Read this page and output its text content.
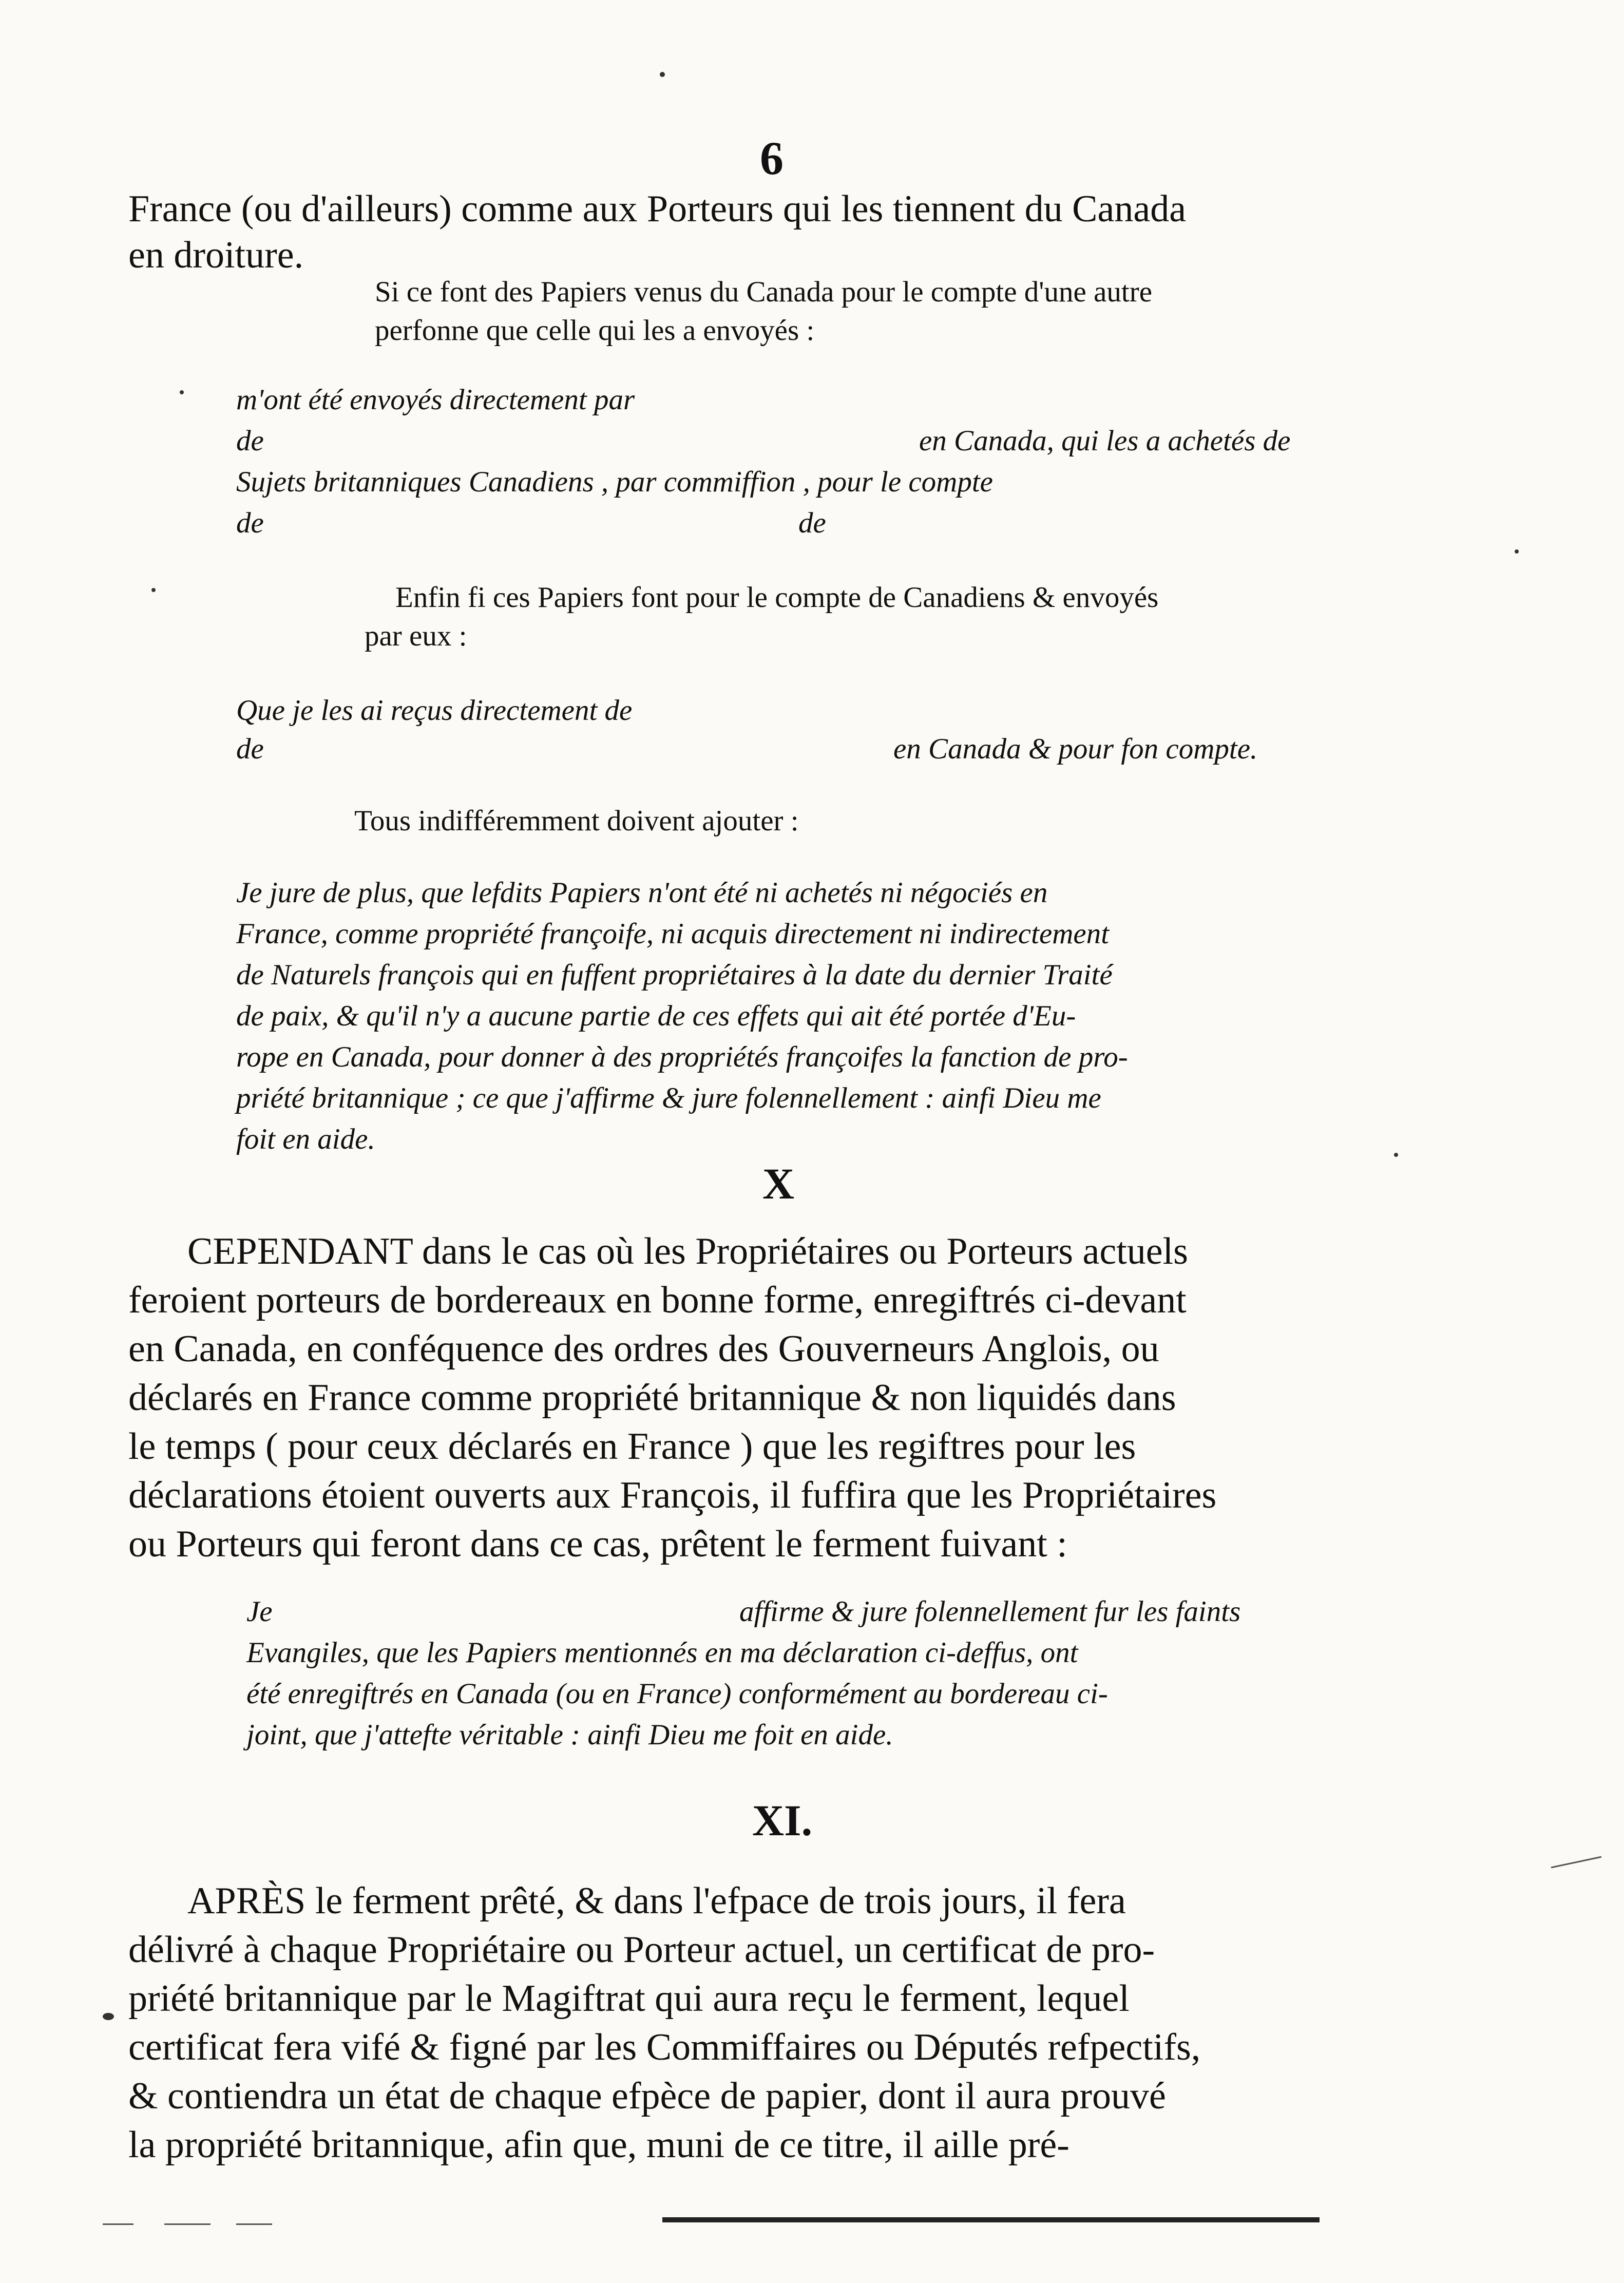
6
France (ou d'ailleurs) comme aux Porteurs qui les tiennent du Canada
en droiture.
Si ce font des Papiers venus du Canada pour le compte d'une autre
perfonne que celle qui les a envoyés :
m'ont été envoyés directement par
de	en Canada, qui les a achetés de
Sujets britanniques Canadiens , par commiffion , pour le compte
de	de
Enfin fi ces Papiers font pour le compte de Canadiens & envoyés
par eux :
Que je les ai reçus directement de
de	en Canada & pour fon compte.
Tous indifféremment doivent ajouter :
Je jure de plus, que lefdits Papiers n'ont été ni achetés ni négociés en
France, comme propriété françoife, ni acquis directement ni indirectement
de Naturels françois qui en fuffent propriétaires à la date du dernier Traité
de paix, & qu'il n'y a aucune partie de ces effets qui ait été portée d'Eu-
rope en Canada, pour donner à des propriétés françoifes la fanction de pro-
priété britannique ; ce que j'affirme & jure folennellement : ainfi Dieu me
foit en aide.
X
CEPENDANT dans le cas où les Propriétaires ou Porteurs actuels
feroient porteurs de bordereaux en bonne forme, enregiftrés ci-devant
en Canada, en conféquence des ordres des Gouverneurs Anglois, ou
déclarés en France comme propriété britannique & non liquidés dans
le temps ( pour ceux déclarés en France ) que les regiftres pour les
déclarations étoient ouverts aux François, il fuffira que les Propriétaires
ou Porteurs qui feront dans ce cas, prêtent le ferment fuivant :
Je	affirme & jure folennellement fur les faints
Evangiles, que les Papiers mentionnés en ma déclaration ci-deffus, ont
été enregiftrés en Canada (ou en France) conformément au bordereau ci-
joint, que j'attefte véritable : ainfi Dieu me foit en aide.
XI.
APRÈS le ferment prêté, & dans l'efpace de trois jours, il fera
délivré à chaque Propriétaire ou Porteur actuel, un certificat de pro-
priété britannique par le Magiftrat qui aura reçu le ferment, lequel
certificat fera vifé & figné par les Commiffaires ou Députés refpectifs,
& contiendra un état de chaque efpèce de papier, dont il aura prouvé
la propriété britannique, afin que, muni de ce titre, il aille pré-
